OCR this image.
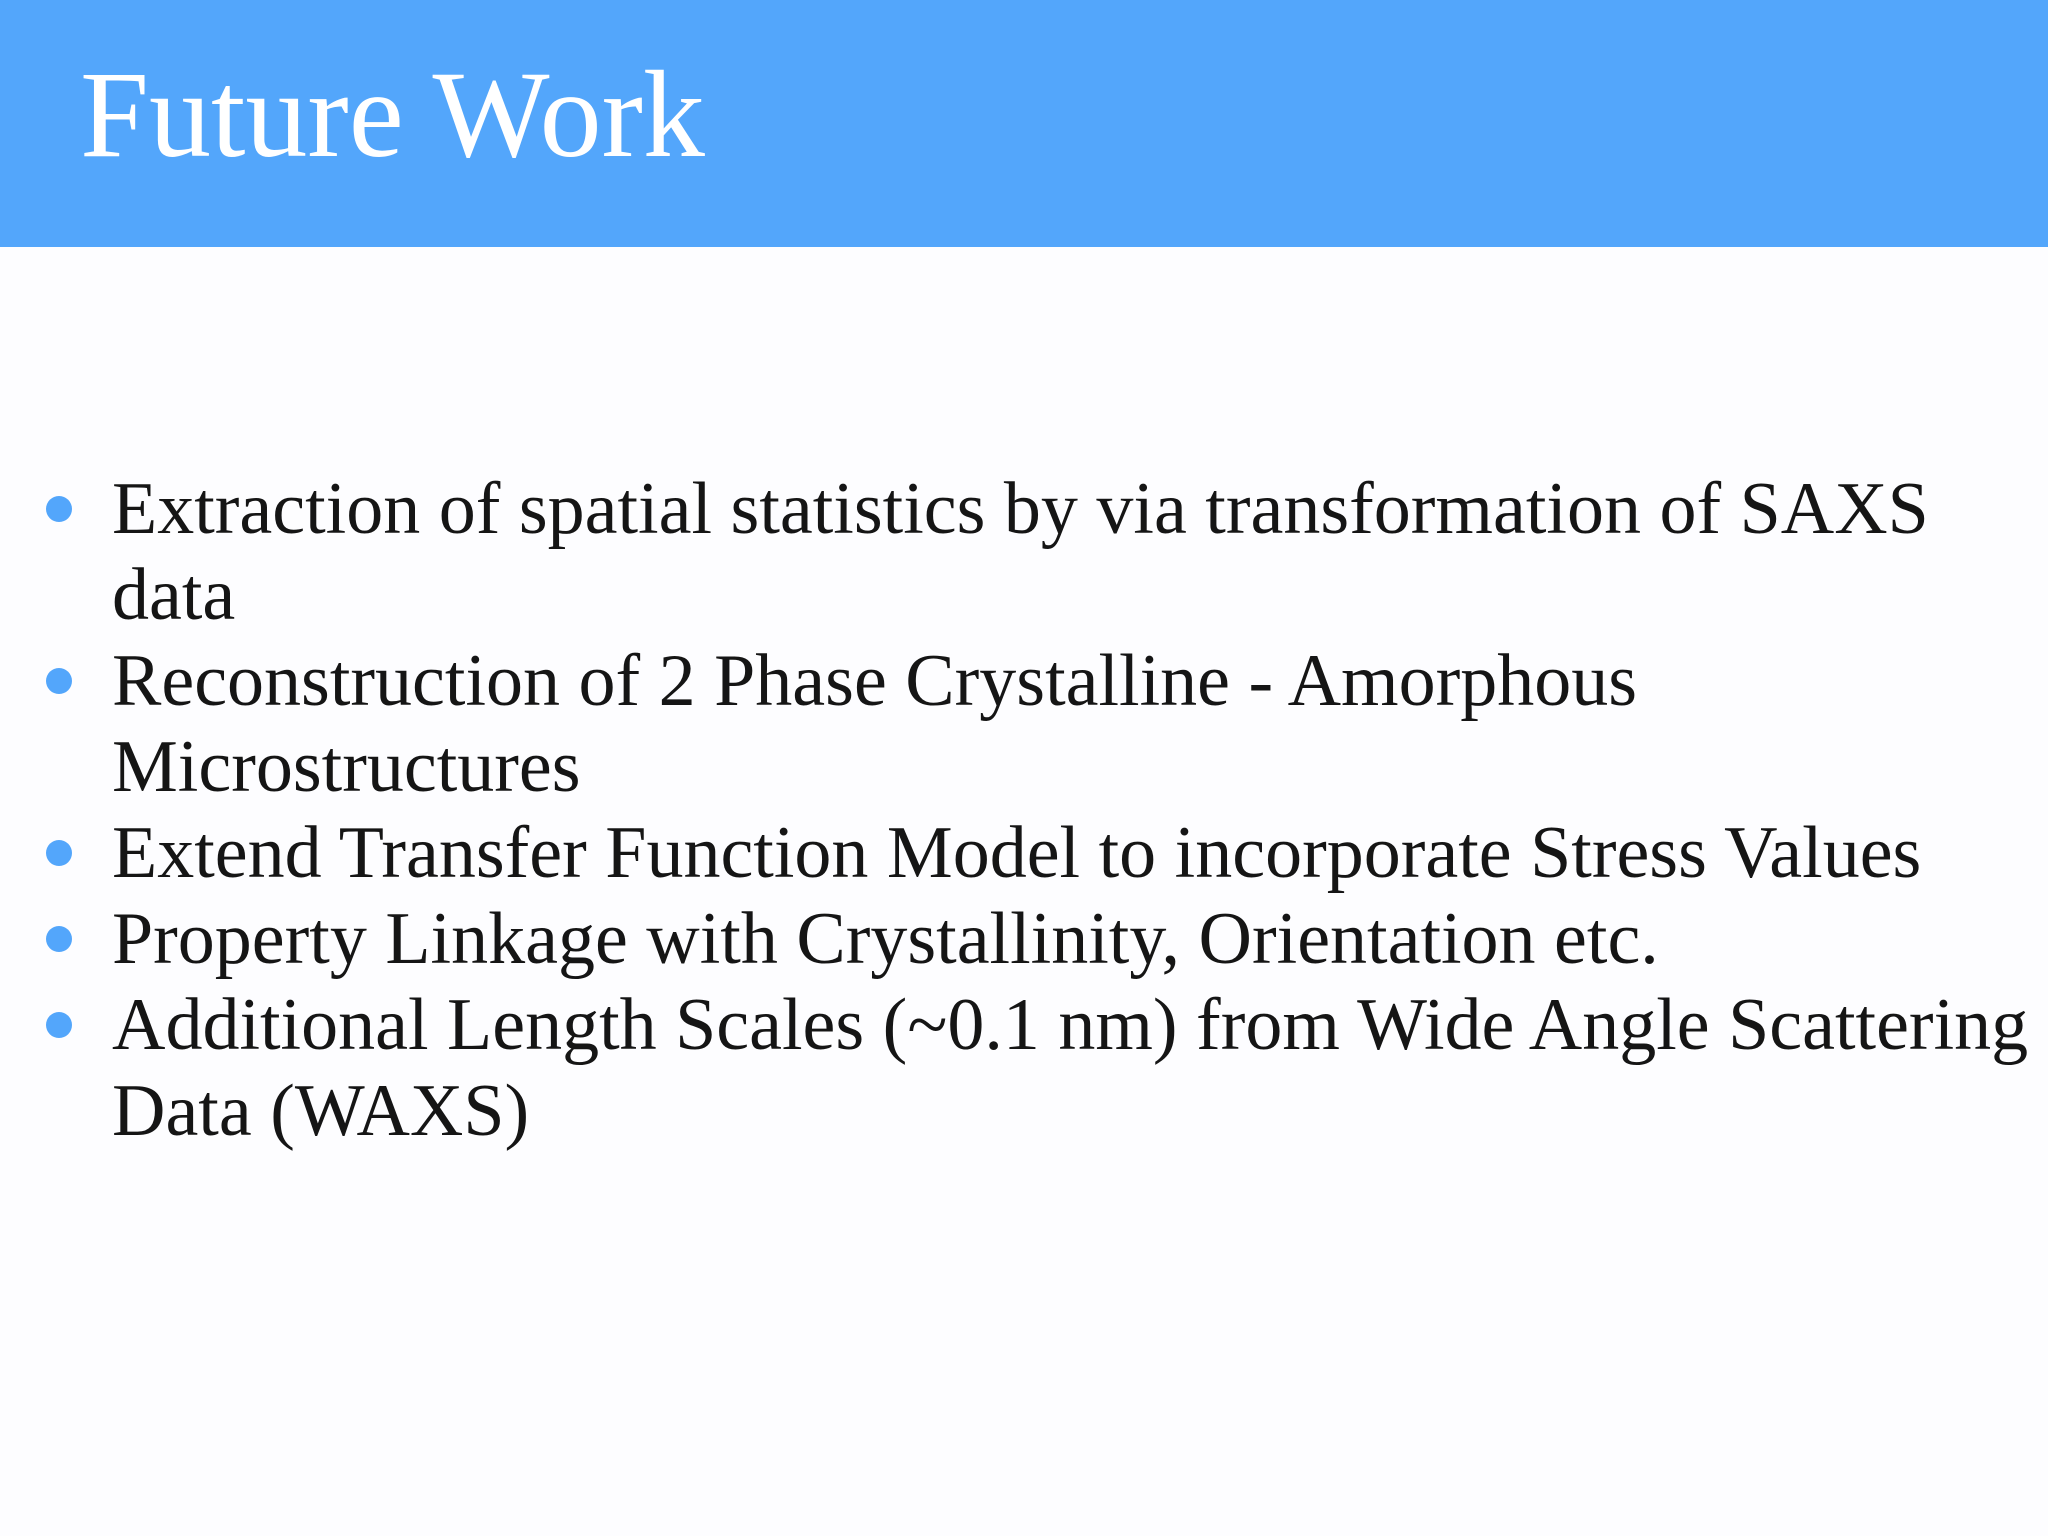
Future Work
Extraction of spatial statistics by via transformation of SAXS
data
Reconstruction of 2 Phase Crystalline - Amorphous
Microstructures
Extend Transfer Function Model to incorporate Stress Values
Property Linkage with Crystallinity, Orientation etc.
Additional Length Scales (~0.1 nm) from Wide Angle Scattering
Data (WAXS)
